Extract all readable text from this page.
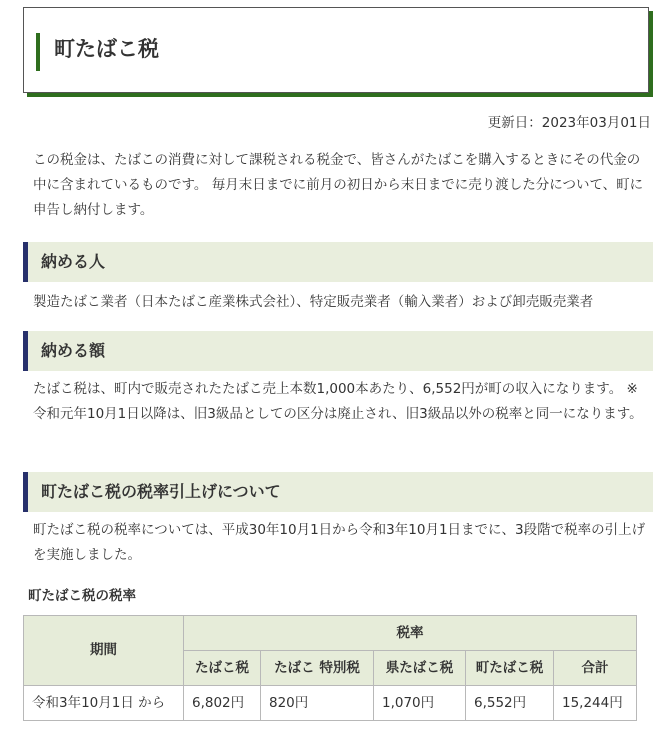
町たばこ税
更新日：2023年03月01日

この税金は、たばこの消費に対して課税される税金で、皆さんがたばこを購入するときにその代金の中に含まれているものです。 毎月末日までに前月の初日から末日までに売り渡した分について、町に申告し納付します。

納める人

製造たばこ業者（日本たばこ産業株式会社）、特定販売業者（輸入業者）および卸売販売業者

納める額

たばこ税は、町内で販売されたたばこ売上本数1,000本あたり、6,552円が町の収入になります。 ※令和元年10月1日以降は、旧3級品としての区分は廃止され、旧3級品以外の税率と同一になります。

町たばこ税の税率引上げについて

町たばこ税の税率については、平成30年10月1日から令和3年10月1日までに、3段階で税率の引上げを実施しました。

町たばこ税の税率
期間	税率				
	たばこ税	たばこ 特別税	県たばこ税	町たばこ税	合計
令和3年10月1日 から	6,802円	820円	1,070円	6,552円	15,244円
